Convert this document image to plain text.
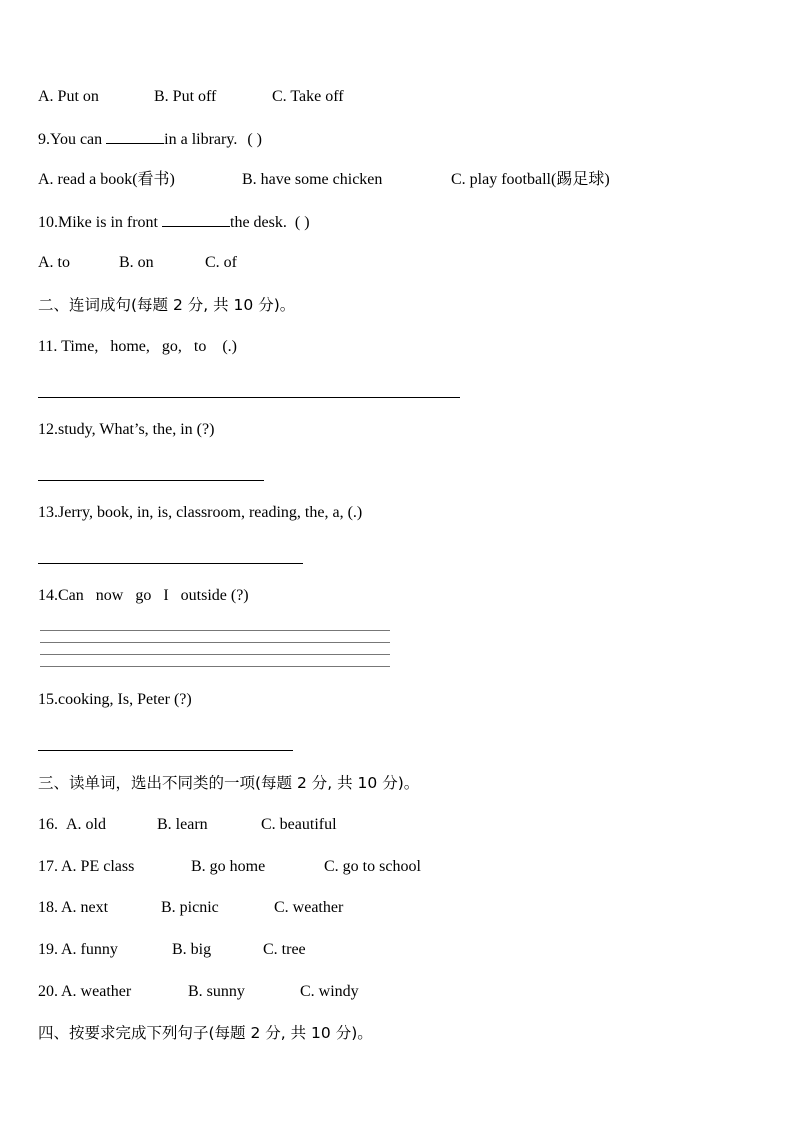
A. Put on	B. Put off	C. Take off
9.You can	in a library. ( )
A. read a book(看书)	B. have some chicken	C. play football(踢足球)
10.Mike is in front	the desk. ( )
A. to	B. on	C. of
二、连词成句(每题 2 分, 共 10 分)。
11. Time,   home,   go,   to    (.)
12.study, What’s, the, in (?)
13.Jerry, book, in, is, classroom, reading, the, a, (.)
14.Can   now   go   I   outside (?)
15.cooking, Is, Peter (?)
三、读单词，选出不同类的一项(每题 2 分, 共 10 分)。
16. A. old	B. learn	C. beautiful
17. A. PE class	B. go home	C. go to school
18. A. next	B. picnic	C. weather
19. A. funny	B. big	C. tree
20. A. weather	B. sunny	C. windy
四、按要求完成下列句子(每题 2 分, 共 10 分)。
